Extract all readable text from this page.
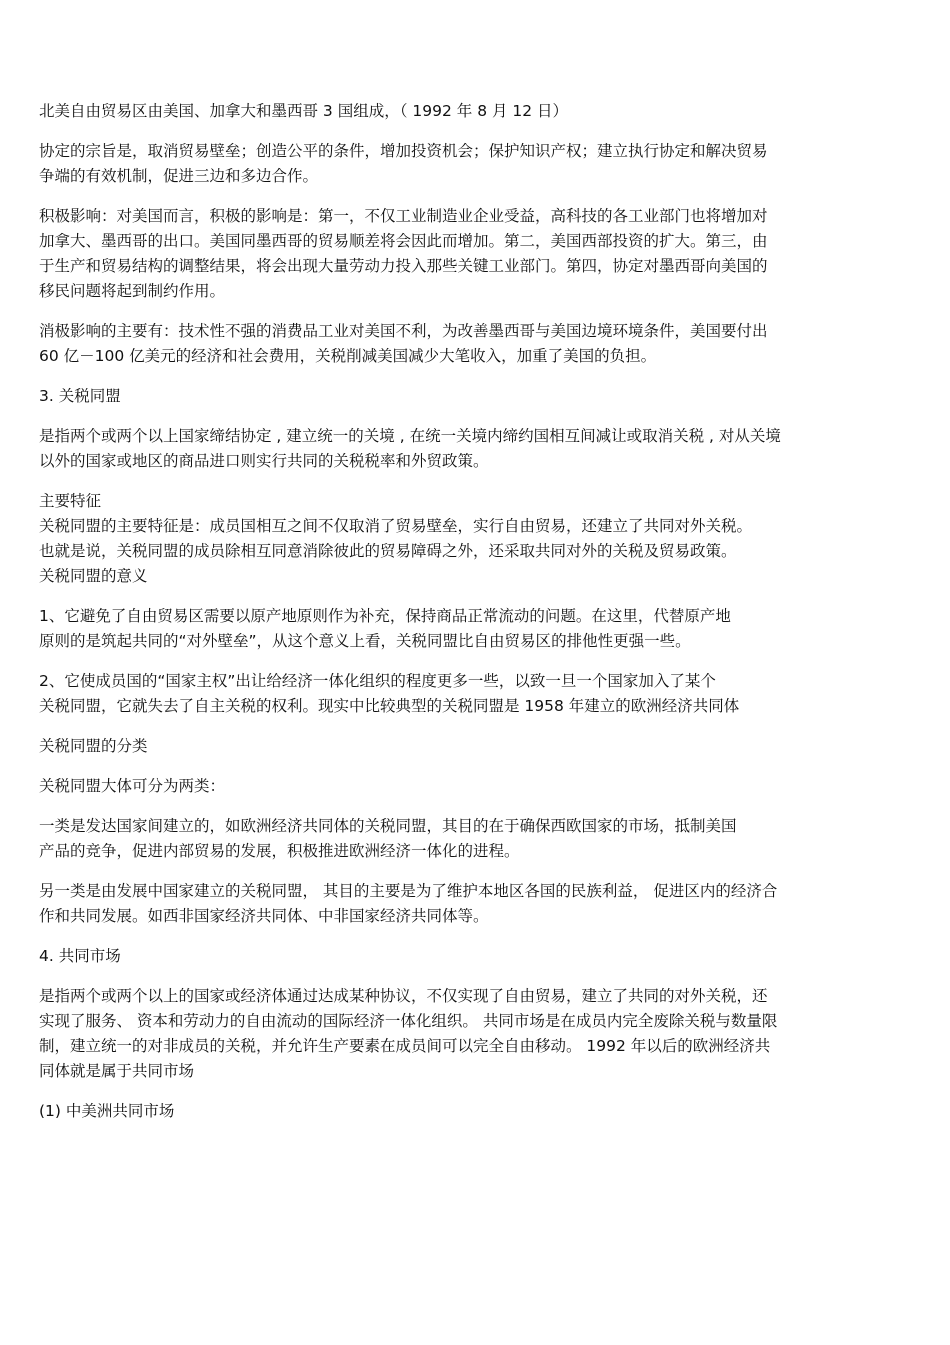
北美自由贸易区由美国、加拿大和墨西哥 3 国组成，（ 1992 年 8 月 12 日）

协定的宗旨是，取消贸易壁垒；创造公平的条件，增加投资机会；保护知识产权；建立执行协定和解决贸易
争端的有效机制，促进三边和多边合作。

积极影响：对美国而言，积极的影响是：第一，不仅工业制造业企业受益，高科技的各工业部门也将增加对
加拿大、墨西哥的出口。美国同墨西哥的贸易顺差将会因此而增加。第二，美国西部投资的扩大。第三，由
于生产和贸易结构的调整结果，将会出现大量劳动力投入那些关键工业部门。第四，协定对墨西哥向美国的
移民问题将起到制约作用。

消极影响的主要有：技术性不强的消费品工业对美国不利，为改善墨西哥与美国边境环境条件，美国要付出
60 亿－100 亿美元的经济和社会费用，关税削减美国减少大笔收入，加重了美国的负担。

3. 关税同盟

是指两个或两个以上国家缔结协定 , 建立统一的关境 , 在统一关境内缔约国相互间减让或取消关税 , 对从关境
以外的国家或地区的商品进口则实行共同的关税税率和外贸政策。

主要特征
关税同盟的主要特征是：成员国相互之间不仅取消了贸易壁垒，实行自由贸易，还建立了共同对外关税。
也就是说，关税同盟的成员除相互同意消除彼此的贸易障碍之外，还采取共同对外的关税及贸易政策。
关税同盟的意义

1、它避免了自由贸易区需要以原产地原则作为补充，保持商品正常流动的问题。在这里，代替原产地
原则的是筑起共同的“对外壁垒”，从这个意义上看，关税同盟比自由贸易区的排他性更强一些。

2、它使成员国的“国家主权”出让给经济一体化组织的程度更多一些，以致一旦一个国家加入了某个
关税同盟，它就失去了自主关税的权利。现实中比较典型的关税同盟是 1958 年建立的欧洲经济共同体

关税同盟的分类

关税同盟大体可分为两类：

一类是发达国家间建立的，如欧洲经济共同体的关税同盟，其目的在于确保西欧国家的市场，抵制美国
产品的竞争，促进内部贸易的发展，积极推进欧洲经济一体化的进程。

另一类是由发展中国家建立的关税同盟， 其目的主要是为了维护本地区各国的民族利益， 促进区内的经济合
作和共同发展。如西非国家经济共同体、中非国家经济共同体等。

4. 共同市场

是指两个或两个以上的国家或经济体通过达成某种协议，不仅实现了自由贸易，建立了共同的对外关税，还
实现了服务、 资本和劳动力的自由流动的国际经济一体化组织。 共同市场是在成员内完全废除关税与数量限
制，建立统一的对非成员的关税，并允许生产要素在成员间可以完全自由移动。 1992 年以后的欧洲经济共
同体就是属于共同市场

(1) 中美洲共同市场
